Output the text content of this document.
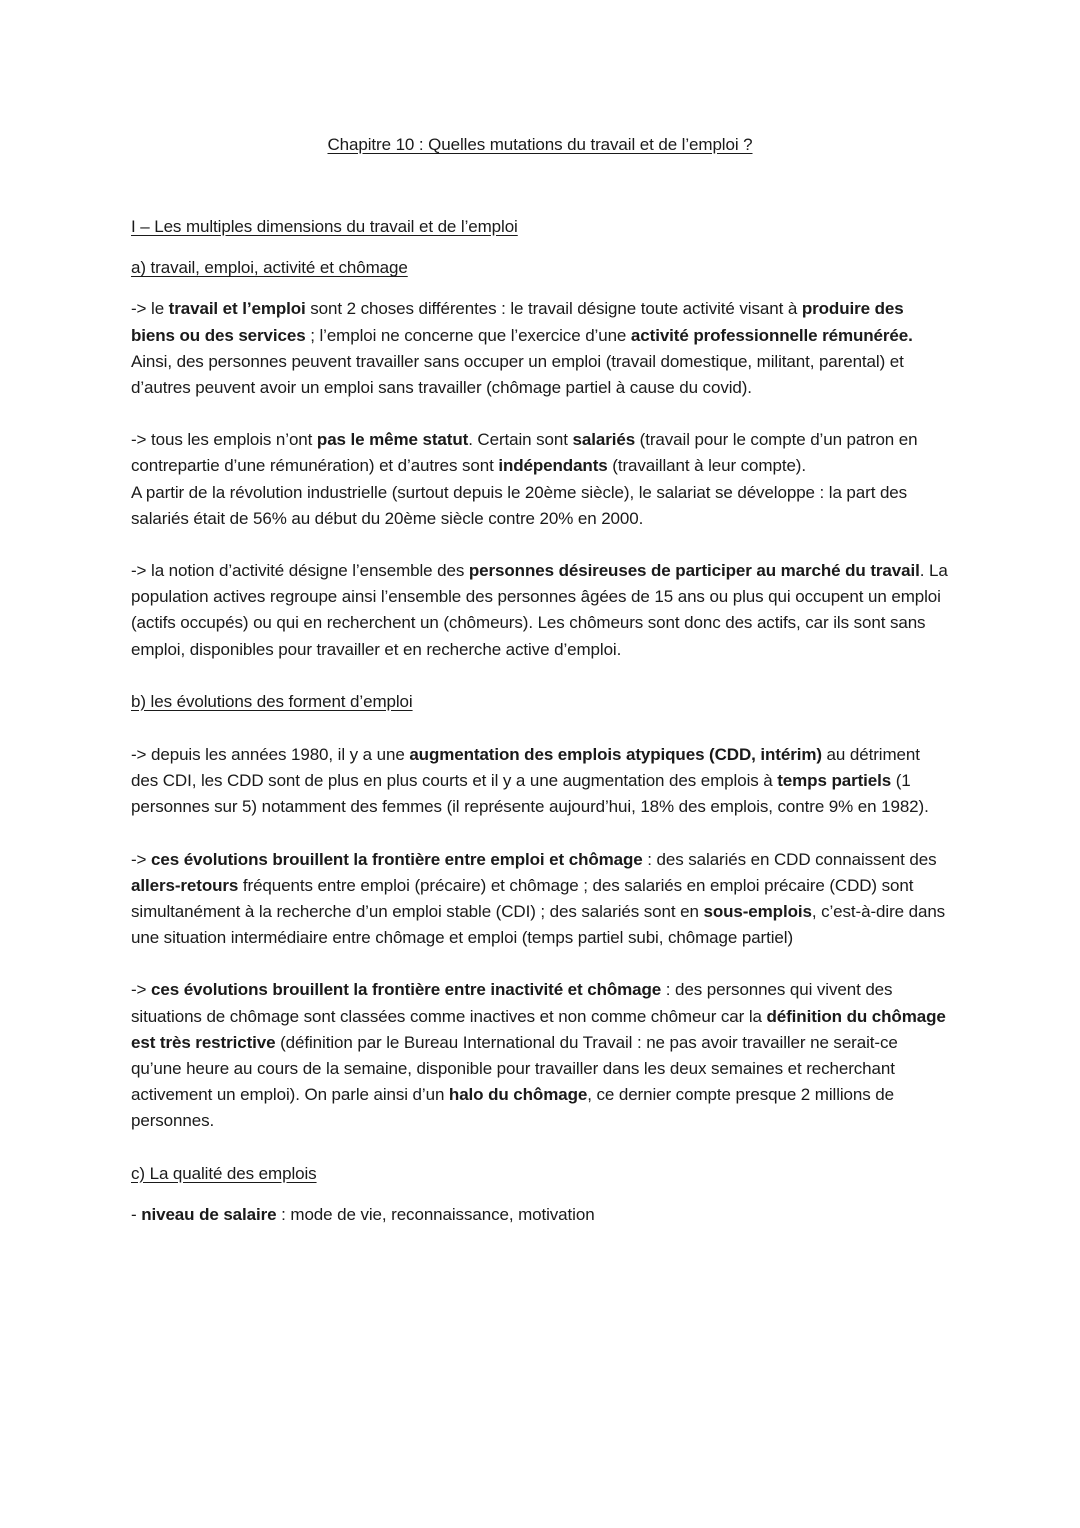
Chapitre 10 : Quelles mutations du travail et de l’emploi ?
I – Les multiples dimensions du travail et de l’emploi
a) travail, emploi, activité et chômage

-> le travail et l’emploi sont 2 choses différentes : le travail désigne toute activité visant à produire des biens ou des services ; l’emploi ne concerne que l’exercice d’une activité professionnelle rémunérée.

Ainsi, des personnes peuvent travailler sans occuper un emploi (travail domestique, militant, parental) et d’autres peuvent avoir un emploi sans travailler (chômage partiel à cause du covid).

-> tous les emplois n’ont pas le même statut. Certain sont salariés (travail pour le compte d’un patron en contrepartie d’une rémunération) et d’autres sont indépendants (travaillant à leur compte).

A partir de la révolution industrielle (surtout depuis le 20ème siècle), le salariat se développe : la part des salariés était de 56% au début du 20ème siècle contre 20% en 2000.

-> la notion d’activité désigne l’ensemble des personnes désireuses de participer au marché du travail. La population actives regroupe ainsi l’ensemble des personnes âgées de 15 ans ou plus qui occupent un emploi (actifs occupés) ou qui en recherchent un (chômeurs). Les chômeurs sont donc des actifs, car ils sont sans emploi, disponibles pour travailler et en recherche active d’emploi.

b) les évolutions des forment d’emploi

-> depuis les années 1980, il y a une augmentation des emplois atypiques (CDD, intérim) au détriment des CDI, les CDD sont de plus en plus courts et il y a une augmentation des emplois à temps partiels (1 personnes sur 5) notamment des femmes (il représente aujourd’hui, 18% des emplois, contre 9% en 1982).

-> ces évolutions brouillent la frontière entre emploi et chômage : des salariés en CDD connaissent des allers-retours fréquents entre emploi (précaire) et chômage ; des salariés en emploi précaire (CDD) sont simultanément à la recherche d’un emploi stable (CDI) ; des salariés sont en sous-emplois, c’est-à-dire dans une situation intermédiaire entre chômage et emploi (temps partiel subi, chômage partiel)

-> ces évolutions brouillent la frontière entre inactivité et chômage : des personnes qui vivent des situations de chômage sont classées comme inactives et non comme chômeur car la définition du chômage est très restrictive (définition par le Bureau International du Travail : ne pas avoir travailler ne serait-ce qu’une heure au cours de la semaine, disponible pour travailler dans les deux semaines et recherchant activement un emploi). On parle ainsi d’un halo du chômage, ce dernier compte presque 2 millions de personnes.

c) La qualité des emplois

- niveau de salaire : mode de vie, reconnaissance, motivation
